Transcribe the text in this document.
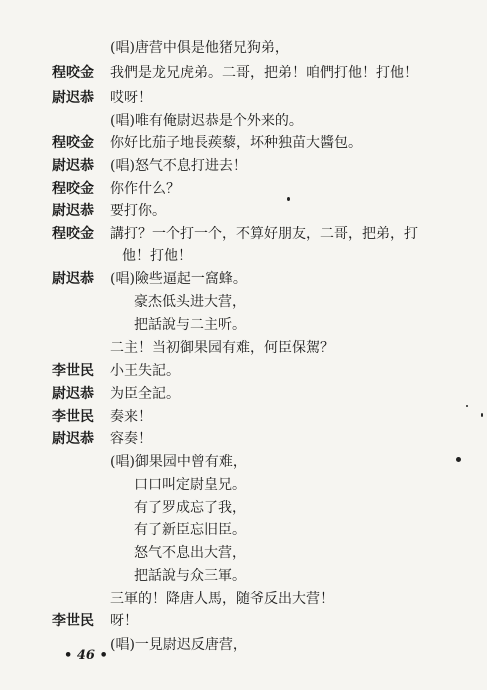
(唱)唐营中俱是他猪兄狗弟，
程咬金	我們是龙兄虎弟。二哥，把弟！咱們打他！打他！
尉迟恭	哎呀！
(唱)唯有俺尉迟恭是个外来的。
程咬金	你好比茄子地長蒺藜，坏种独苗大醬包。
尉迟恭	(唱)怒气不息打进去！
程咬金	你作什么？
尉迟恭	要打你。
程咬金	講打？一个打一个，不算好朋友，二哥，把弟，打
他！打他！
尉迟恭	(唱)險些逼起一窩蜂。
豪杰低头进大营，
把話說与二主听。
二主！当初御果园有难，何臣保駕？
李世民	小王失記。
尉迟恭	为臣全記。
李世民	奏来！
尉迟恭	容奏！
(唱)御果园中曾有难，
口口叫定尉皇兄。
有了罗成忘了我，
有了新臣忘旧臣。
怒气不息出大营，
把話說与众三軍。
三軍的！降唐人馬，随爷反出大营！
李世民	呀！
(唱)一見尉迟反唐营，
• 46 •
